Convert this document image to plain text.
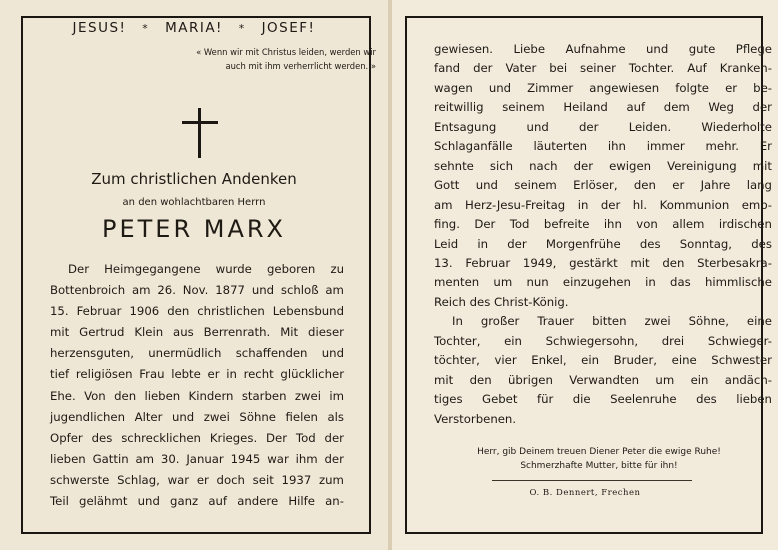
JESUS! * MARIA! * JOSEF!
« Wenn wir mit Christus leiden, werden wir
auch mit ihm verherrlicht werden. »
Zum christlichen Andenken
an den wohlachtbaren Herrn
PETER MARX
Der Heimgegangene wurde geboren zu
Bottenbroich am 26. Nov. 1877 und schloß am
15. Februar 1906 den christlichen Lebensbund
mit Gertrud Klein aus Berrenrath. Mit dieser
herzensguten, unermüdlich schaffenden und
tief religiösen Frau lebte er in recht glücklicher
Ehe. Von den lieben Kindern starben zwei im
jugendlichen Alter und zwei Söhne fielen als
Opfer des schrecklichen Krieges. Der Tod der
lieben Gattin am 30. Januar 1945 war ihm der
schwerste Schlag, war er doch seit 1937 zum
Teil gelähmt und ganz auf andere Hilfe an-
gewiesen. Liebe Aufnahme und gute Pflege
fand der Vater bei seiner Tochter. Auf Kranken-
wagen und Zimmer angewiesen folgte er be-
reitwillig seinem Heiland auf dem Weg der
Entsagung	und	der	Leiden.	Wiederholte
Schlaganfälle läuterten ihn immer mehr. Er
sehnte sich nach der ewigen Vereinigung mit
Gott und seinem Erlöser, den er Jahre lang
am Herz-Jesu-Freitag in der hl. Kommunion emp-
fing. Der Tod befreite ihn von allem irdischen
Leid in der Morgenfrühe des Sonntag, des
13. Februar 1949, gestärkt mit den Sterbesakra-
menten um nun einzugehen in das himmlische
Reich des Christ-König.
In großer Trauer bitten zwei Söhne, eine
Tochter, ein Schwiegersohn, drei Schwieger-
töchter, vier Enkel, ein Bruder, eine Schwester
mit den übrigen Verwandten um ein andäch-
tiges Gebet für die Seelenruhe des lieben
Verstorbenen.
Herr, gib Deinem treuen Diener Peter die ewige Ruhe!
Schmerzhafte Mutter, bitte für ihn!
O. B. Dennert, Frechen
